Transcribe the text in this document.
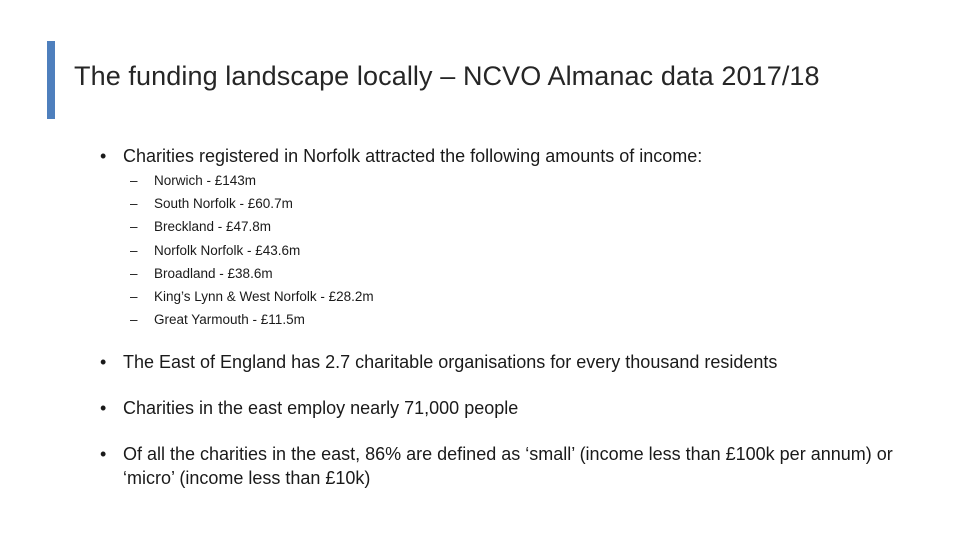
The funding landscape locally – NCVO Almanac data 2017/18
• Charities registered in Norfolk attracted the following amounts of income:
–	Norwich - £143m
–	South Norfolk - £60.7m
–	Breckland - £47.8m
–	Norfolk Norfolk - £43.6m
–	Broadland - £38.6m
–	King’s Lynn & West Norfolk - £28.2m
–	Great Yarmouth - £11.5m
• The East of England has 2.7 charitable organisations for every thousand residents
• Charities in the east employ nearly 71,000 people
• Of all the charities in the east, 86% are defined as ‘small’ (income less than £100k per annum) or ‘micro’ (income less than £10k)
